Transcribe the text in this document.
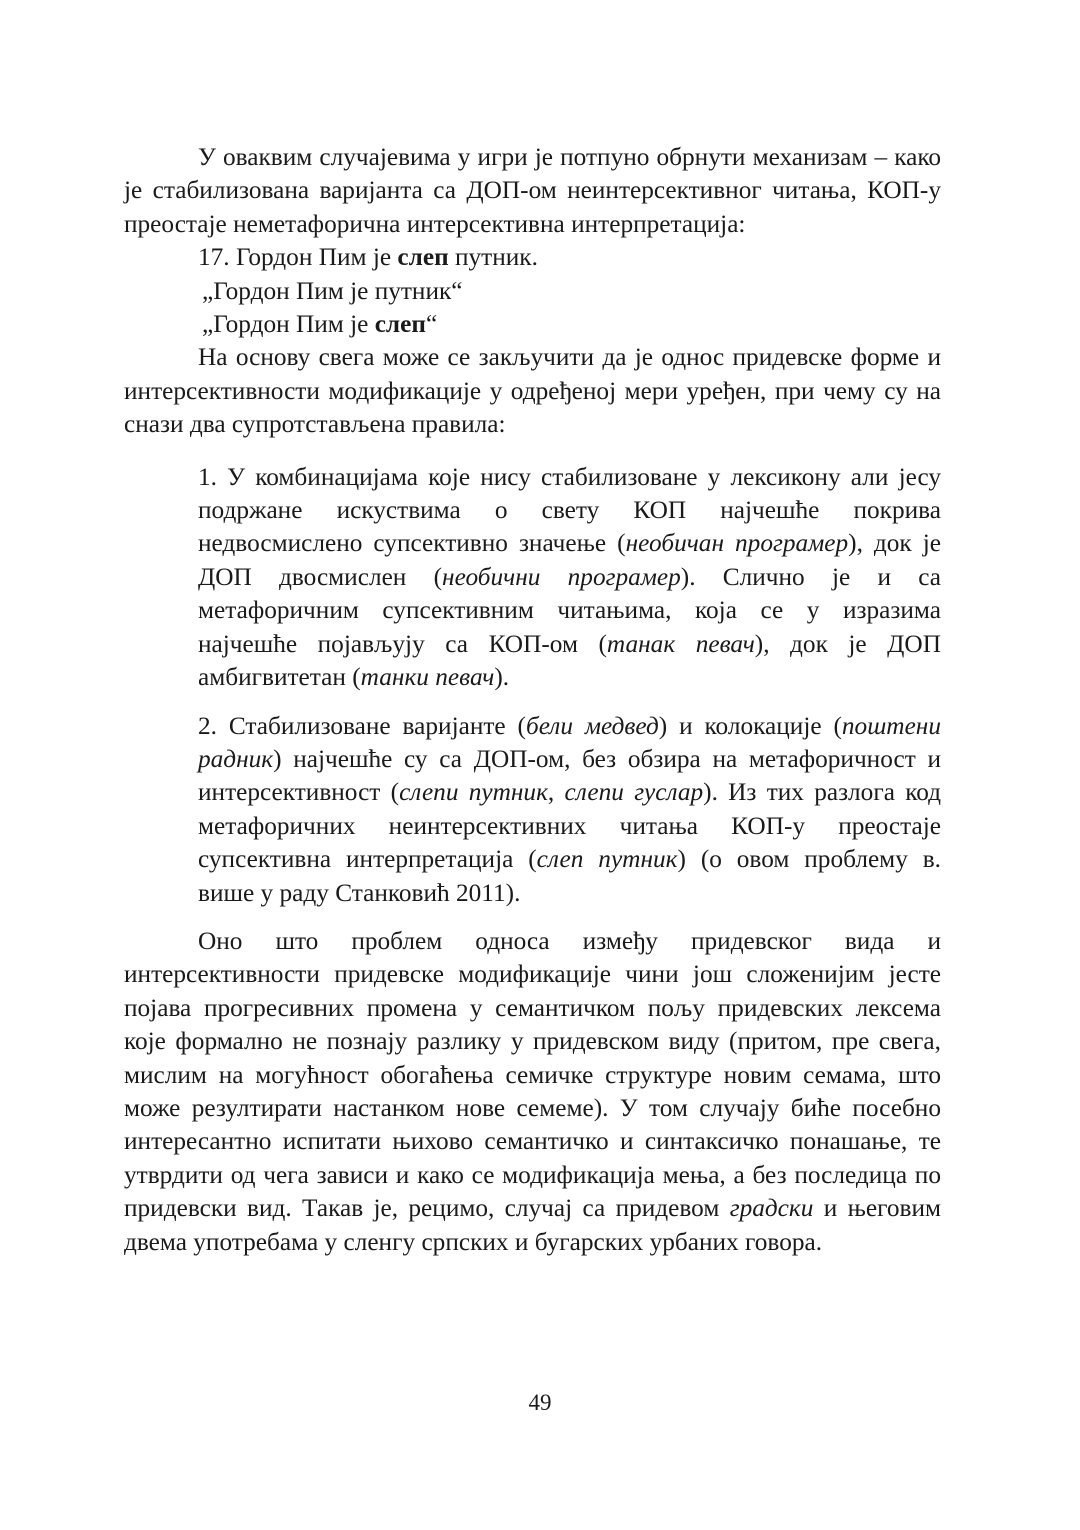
У оваквим случајевима у игри је потпуно обрнути механизам – како је стабилизована варијанта са ДОП-ом неинтерсективног читања, КОП-у преостаје неметафорична интерсективна интерпретација:

17. Гордон Пим је слеп путник.

„Гордон Пим је путник“

„Гордон Пим је слеп“

На основу свега може се закључити да је однос придевске форме и интерсективности модификације у одређеној мери уређен, при чему су на снази два супротстављена правила:

1. У комбинацијама које нису стабилизоване у лексикону али јесу подржане искуствима о свету КОП најчешће покрива недвосмислено супсективно значење (необичан програмер), док је ДОП двосмислен (необични програмер). Слично је и са метафоричним супсективним читањима, која се у изразима најчешће појављују са КОП-ом (танак певач), док је ДОП амбигвитетан (танки певач).

2. Стабилизоване варијанте (бели медвед) и колокације (поштени радник) најчешће су са ДОП-ом, без обзира на метафоричност и интерсективност (слепи путник, слепи гуслар). Из тих разлога код метафоричних неинтерсективних читања КОП-у преостаје супсективна интерпретација (слеп путник) (о овом проблему в. више у раду Станковић 2011).

Оно што проблем односа између придевског вида и интерсективности придевске модификације чини још сложенијим јесте појава прогресивних промена у семантичком пољу придевских лексема које формално не познају разлику у придевском виду (притом, пре свега, мислим на могућност обогаћења семичке структуре новим семама, што може резултирати настанком нове семеме). У том случају биће посебно интересантно испитати њихово семантичко и синтаксичко понашање, те утврдити од чега зависи и како се модификација мења, а без последица по придевски вид. Такав је, рецимо, случај са придевом градски и његовим двема употребама у сленгу српских и бугарских урбаних говора.

49
